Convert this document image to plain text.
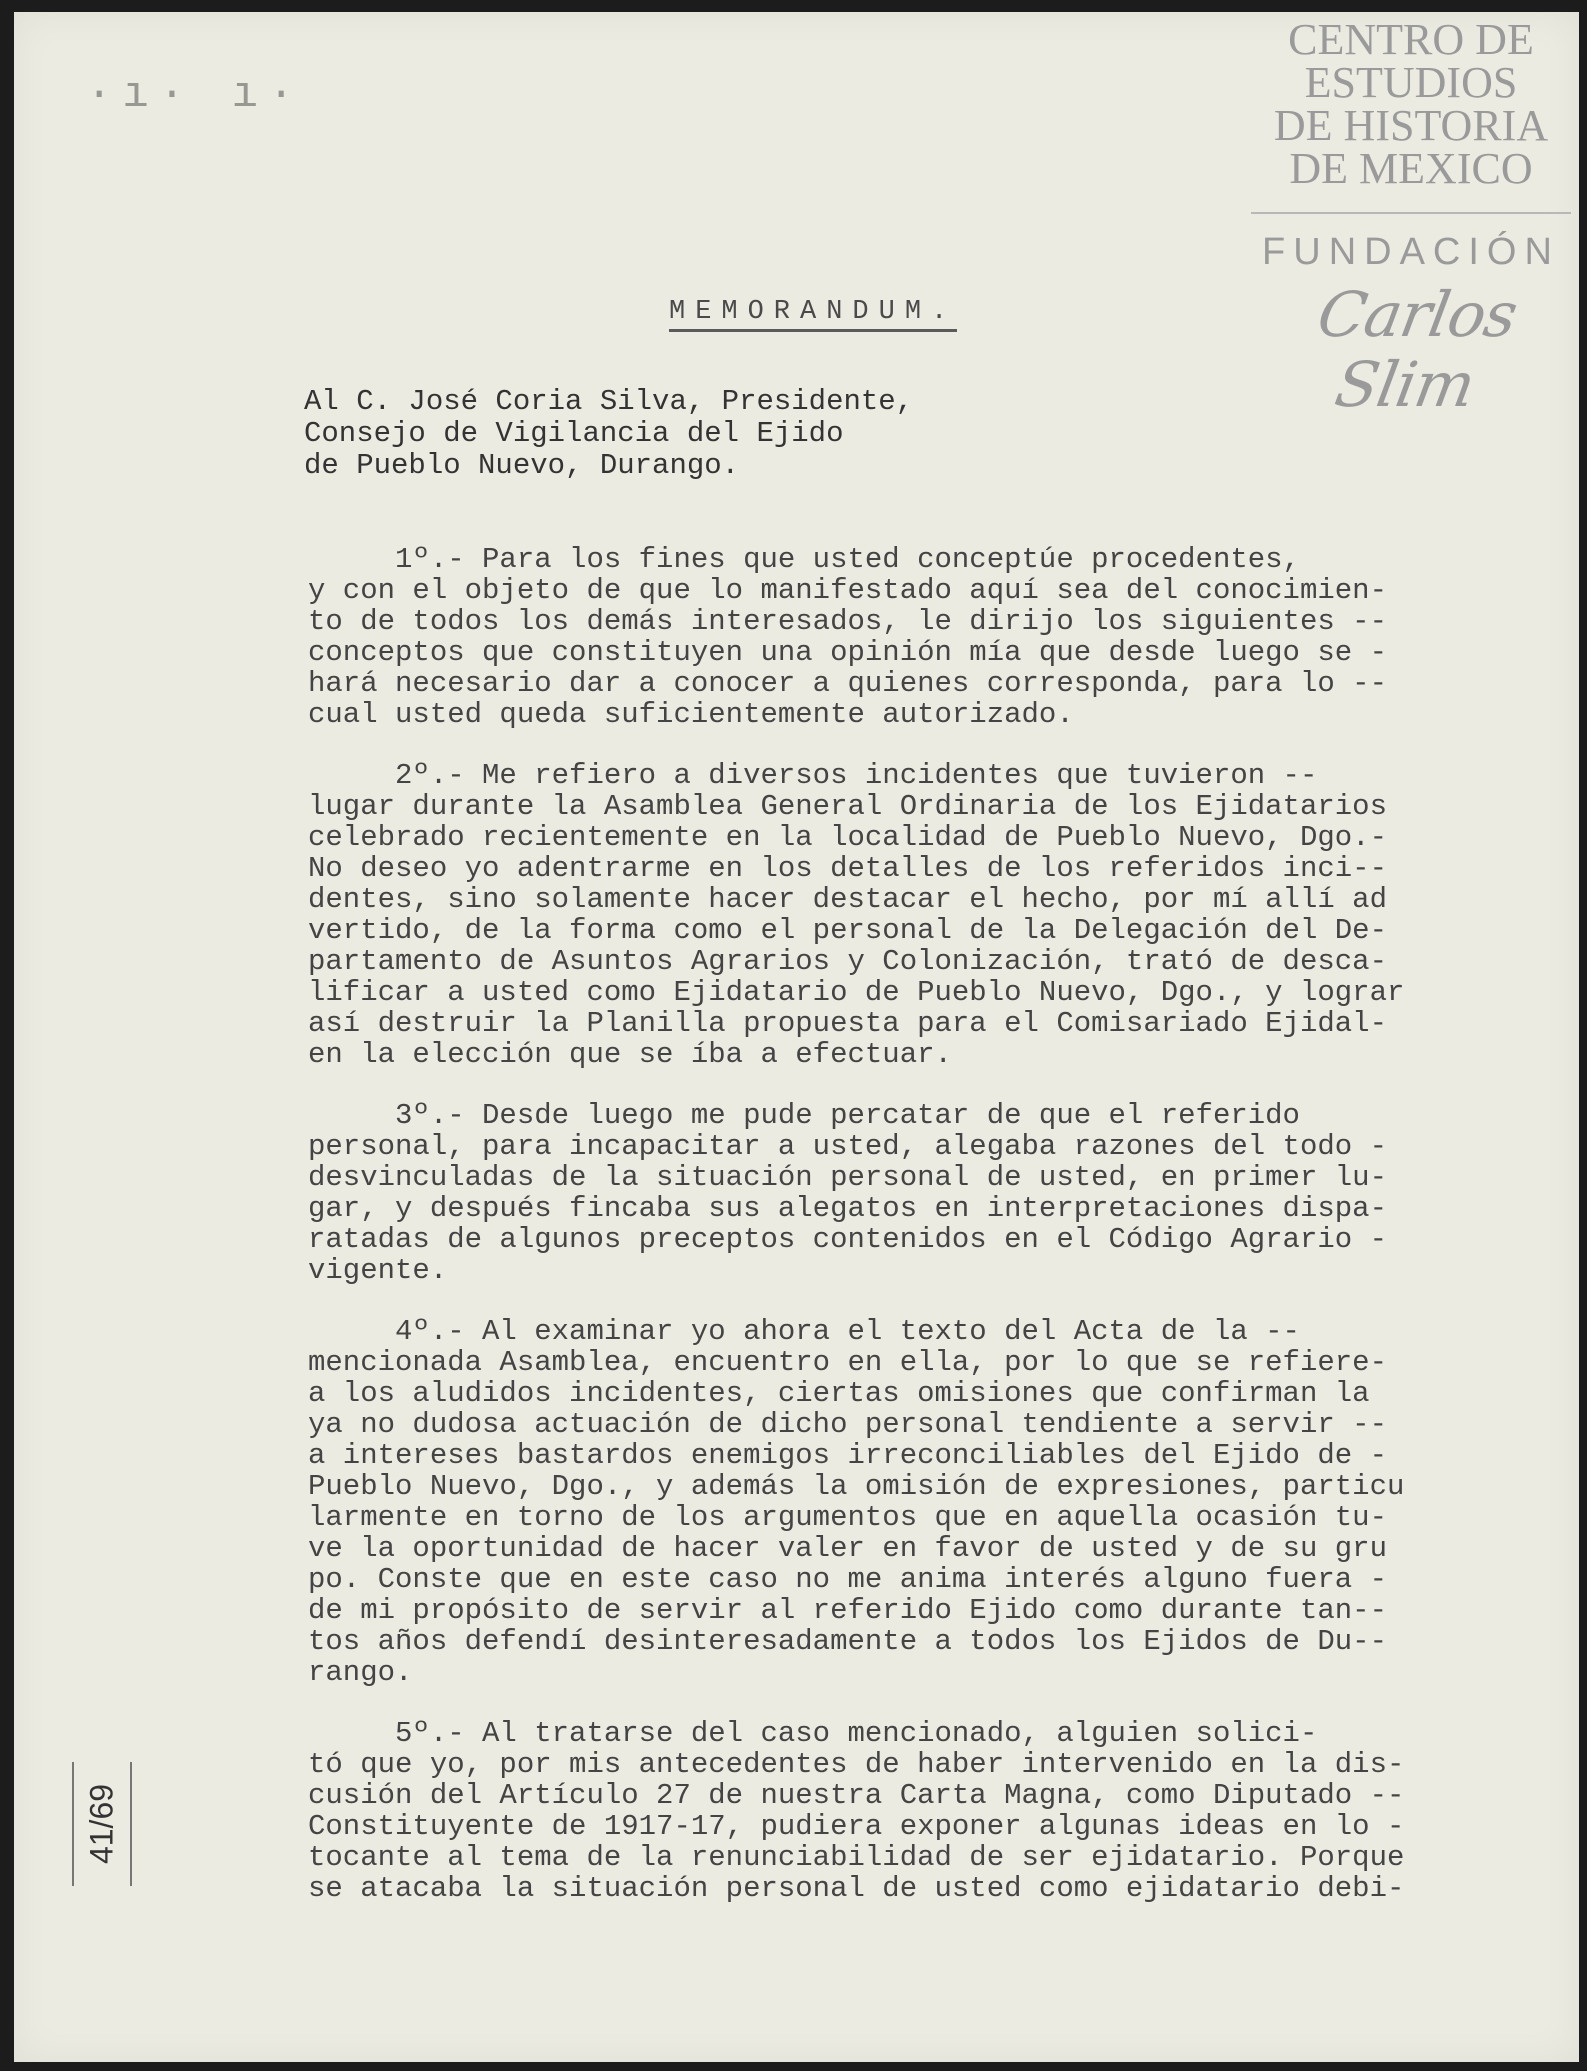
·ı· ı·
CENTRO DE
ESTUDIOS
DE HISTORIA
DE MEXICO
FUNDACIÓN
Carlos Slim
MEMORANDUM.
Al C. José Coria Silva, Presidente,
Consejo de Vigilancia del Ejido
de Pueblo Nuevo, Durango.
1º.- Para los fines que usted conceptúe procedentes,
y con el objeto de que lo manifestado aquí sea del conocimien-
to de todos los demás interesados, le dirijo los siguientes --
conceptos que constituyen una opinión mía que desde luego se -
hará necesario dar a conocer a quienes corresponda, para lo --
cual usted queda suficientemente autorizado.
2º.- Me refiero a diversos incidentes que tuvieron --
lugar durante la Asamblea General Ordinaria de los Ejidatarios
celebrado recientemente en la localidad de Pueblo Nuevo, Dgo.-
No deseo yo adentrarme en los detalles de los referidos inci--
dentes, sino solamente hacer destacar el hecho, por mí allí ad
vertido, de la forma como el personal de la Delegación del De-
partamento de Asuntos Agrarios y Colonización, trató de desca-
lificar a usted como Ejidatario de Pueblo Nuevo, Dgo., y lograr
así destruir la Planilla propuesta para el Comisariado Ejidal-
en la elección que se íba a efectuar.
3º.- Desde luego me pude percatar de que el referido
personal, para incapacitar a usted, alegaba razones del todo -
desvinculadas de la situación personal de usted, en primer lu-
gar, y después fincaba sus alegatos en interpretaciones dispa-
ratadas de algunos preceptos contenidos en el Código Agrario -
vigente.
4º.- Al examinar yo ahora el texto del Acta de la --
mencionada Asamblea, encuentro en ella, por lo que se refiere-
a los aludidos incidentes, ciertas omisiones que confirman la
ya no dudosa actuación de dicho personal tendiente a servir --
a intereses bastardos enemigos irreconciliables del Ejido de -
Pueblo Nuevo, Dgo., y además la omisión de expresiones, particu
larmente en torno de los argumentos que en aquella ocasión tu-
ve la oportunidad de hacer valer en favor de usted y de su gru
po. Conste que en este caso no me anima interés alguno fuera -
de mi propósito de servir al referido Ejido como durante tan--
tos años defendí desinteresadamente a todos los Ejidos de Du--
rango.
5º.- Al tratarse del caso mencionado, alguien solici-
tó que yo, por mis antecedentes de haber intervenido en la dis-
cusión del Artículo 27 de nuestra Carta Magna, como Diputado --
Constituyente de 1917-17, pudiera exponer algunas ideas en lo -
tocante al tema de la renunciabilidad de ser ejidatario. Porque
se atacaba la situación personal de usted como ejidatario debi-
41/69
